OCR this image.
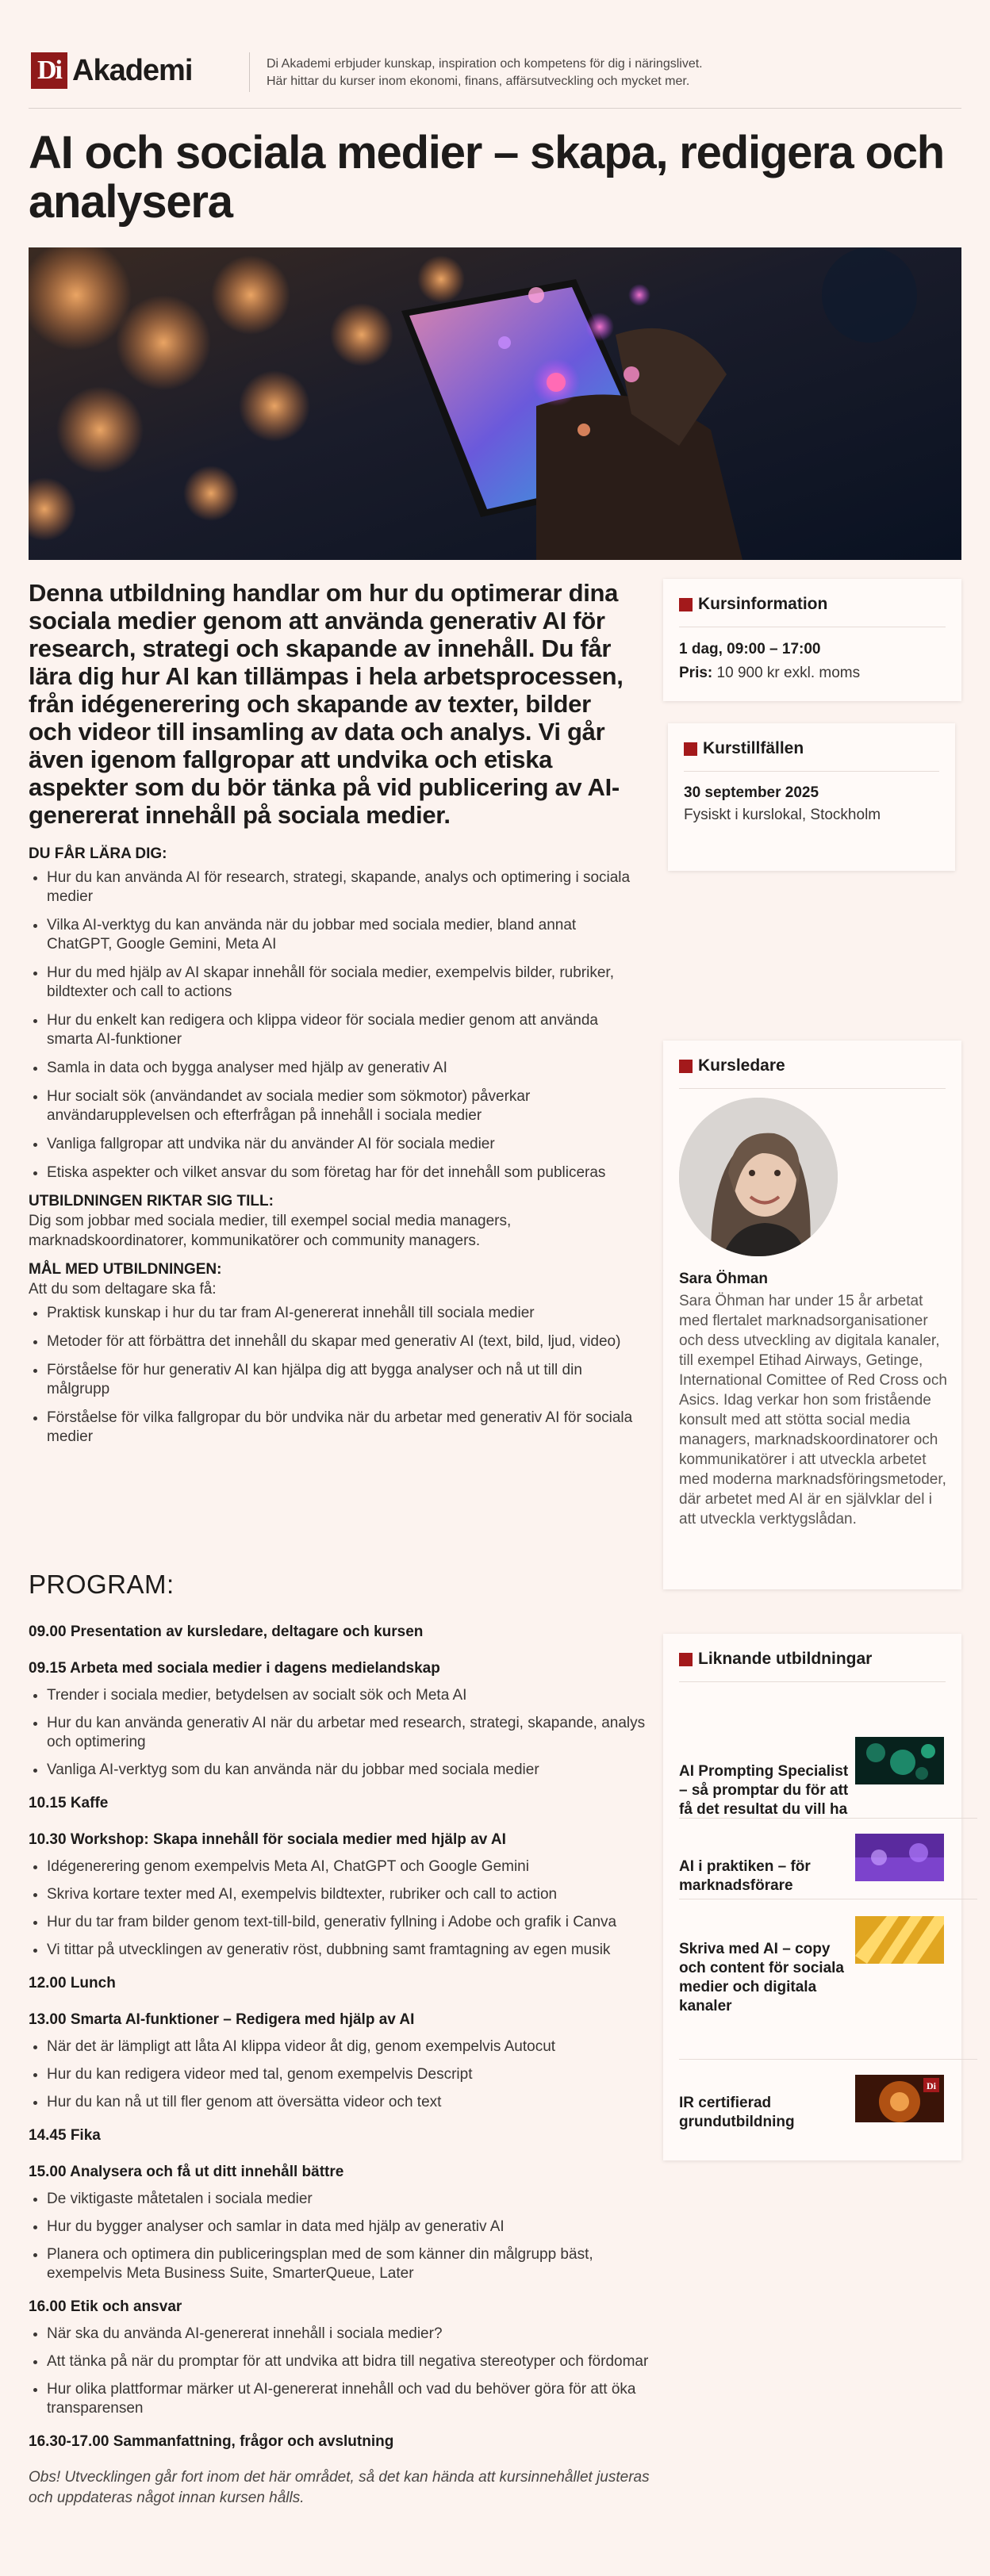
Di Akademi	Di Akademi erbjuder kunskap, inspiration och kompetens för dig i näringslivet.
Här hittar du kurser inom ekonomi, finans, affärsutveckling och mycket mer.
AI och sociala medier – skapa, redigera och analysera

Denna utbildning handlar om hur du optimerar dina sociala medier genom att använda generativ AI för research, strategi och skapande av innehåll. Du får lära dig hur AI kan tillämpas i hela arbetsprocessen, från idégenerering och skapande av texter, bilder och videor till insamling av data och analys. Vi går även igenom fallgropar att undvika och etiska aspekter som du bör tänka på vid publicering av AI-genererat innehåll på sociala medier.

DU FÅR LÄRA DIG:
• Hur du kan använda AI för research, strategi, skapande, analys och optimering i sociala medier
• Vilka AI-verktyg du kan använda när du jobbar med sociala medier, bland annat ChatGPT, Google Gemini, Meta AI
• Hur du med hjälp av AI skapar innehåll för sociala medier, exempelvis bilder, rubriker, bildtexter och call to actions
• Hur du enkelt kan redigera och klippa videor för sociala medier genom att använda smarta AI-funktioner
• Samla in data och bygga analyser med hjälp av generativ AI
• Hur socialt sök (användandet av sociala medier som sökmotor) påverkar användarupplevelsen och efterfrågan på innehåll i sociala medier
• Vanliga fallgropar att undvika när du använder AI för sociala medier
• Etiska aspekter och vilket ansvar du som företag har för det innehåll som publiceras
UTBILDNINGEN RIKTAR SIG TILL:

Dig som jobbar med sociala medier, till exempel social media managers, marknadskoordinatorer, kommunikatörer och community managers.

MÅL MED UTBILDNINGEN:

Att du som deltagare ska få:

• Praktisk kunskap i hur du tar fram AI-genererat innehåll till sociala medier
• Metoder för att förbättra det innehåll du skapar med generativ AI (text, bild, ljud, video)
• Förståelse för hur generativ AI kan hjälpa dig att bygga analyser och nå ut till din målgrupp
• Förståelse för vilka fallgropar du bör undvika när du arbetar med generativ AI för sociala medier
PROGRAM:

09.00 Presentation av kursledare, deltagare och kursen

09.15 Arbeta med sociala medier i dagens medielandskap

• Trender i sociala medier, betydelsen av socialt sök och Meta AI
• Hur du kan använda generativ AI när du arbetar med research, strategi, skapande, analys och optimering
• Vanliga AI-verktyg som du kan använda när du jobbar med sociala medier

10.15 Kaffe

10.30 Workshop: Skapa innehåll för sociala medier med hjälp av AI

• Idégenerering genom exempelvis Meta AI, ChatGPT och Google Gemini
• Skriva kortare texter med AI, exempelvis bildtexter, rubriker och call to action
• Hur du tar fram bilder genom text-till-bild, generativ fyllning i Adobe och grafik i Canva
• Vi tittar på utvecklingen av generativ röst, dubbning samt framtagning av egen musik

12.00 Lunch

13.00 Smarta AI-funktioner – Redigera med hjälp av AI

• När det är lämpligt att låta AI klippa videor åt dig, genom exempelvis Autocut
• Hur du kan redigera videor med tal, genom exempelvis Descript
• Hur du kan nå ut till fler genom att översätta videor och text

14.45 Fika

15.00 Analysera och få ut ditt innehåll bättre

• De viktigaste måtetalen i sociala medier
• Hur du bygger analyser och samlar in data med hjälp av generativ AI
• Planera och optimera din publiceringsplan med de som känner din målgrupp bäst, exempelvis Meta Business Suite, SmarterQueue, Later

16.00 Etik och ansvar

• När ska du använda AI-genererat innehåll i sociala medier?
• Att tänka på när du promptar för att undvika att bidra till negativa stereotyper och fördomar
• Hur olika plattformar märker ut AI-genererat innehåll och vad du behöver göra för att öka transparensen

16.30-17.00 Sammanfattning, frågor och avslutning

Obs! Utvecklingen går fort inom det här området, så det kan hända att kursinnehållet justeras och uppdateras något innan kursen hålls.

Kursinformation
1 dag, 09:00 – 17:00
Pris: 10 900 kr exkl. moms
Kurstillfällen
30 september 2025
Fysiskt i kurslokal, Stockholm
Kursledare

Sara Öhman

Sara Öhman har under 15 år arbetat med flertalet marknadsorganisationer och dess utveckling av digitala kanaler, till exempel Etihad Airways, Getinge, International Comittee of Red Cross och Asics. Idag verkar hon som fristående konsult med att stötta social media managers, marknadskoordinatorer och kommunikatörer i att utveckla arbetet med moderna marknadsföringsmetoder, där arbetet med AI är en självklar del i att utveckla verktygslådan.

Liknande utbildningar
AI Prompting Specialist – så promptar du för att få det resultat du vill ha
AI i praktiken – för marknadsförare
Skriva med AI – copy och content för sociala medier och digitala kanaler
IR certifierad grundutbildning
Di
